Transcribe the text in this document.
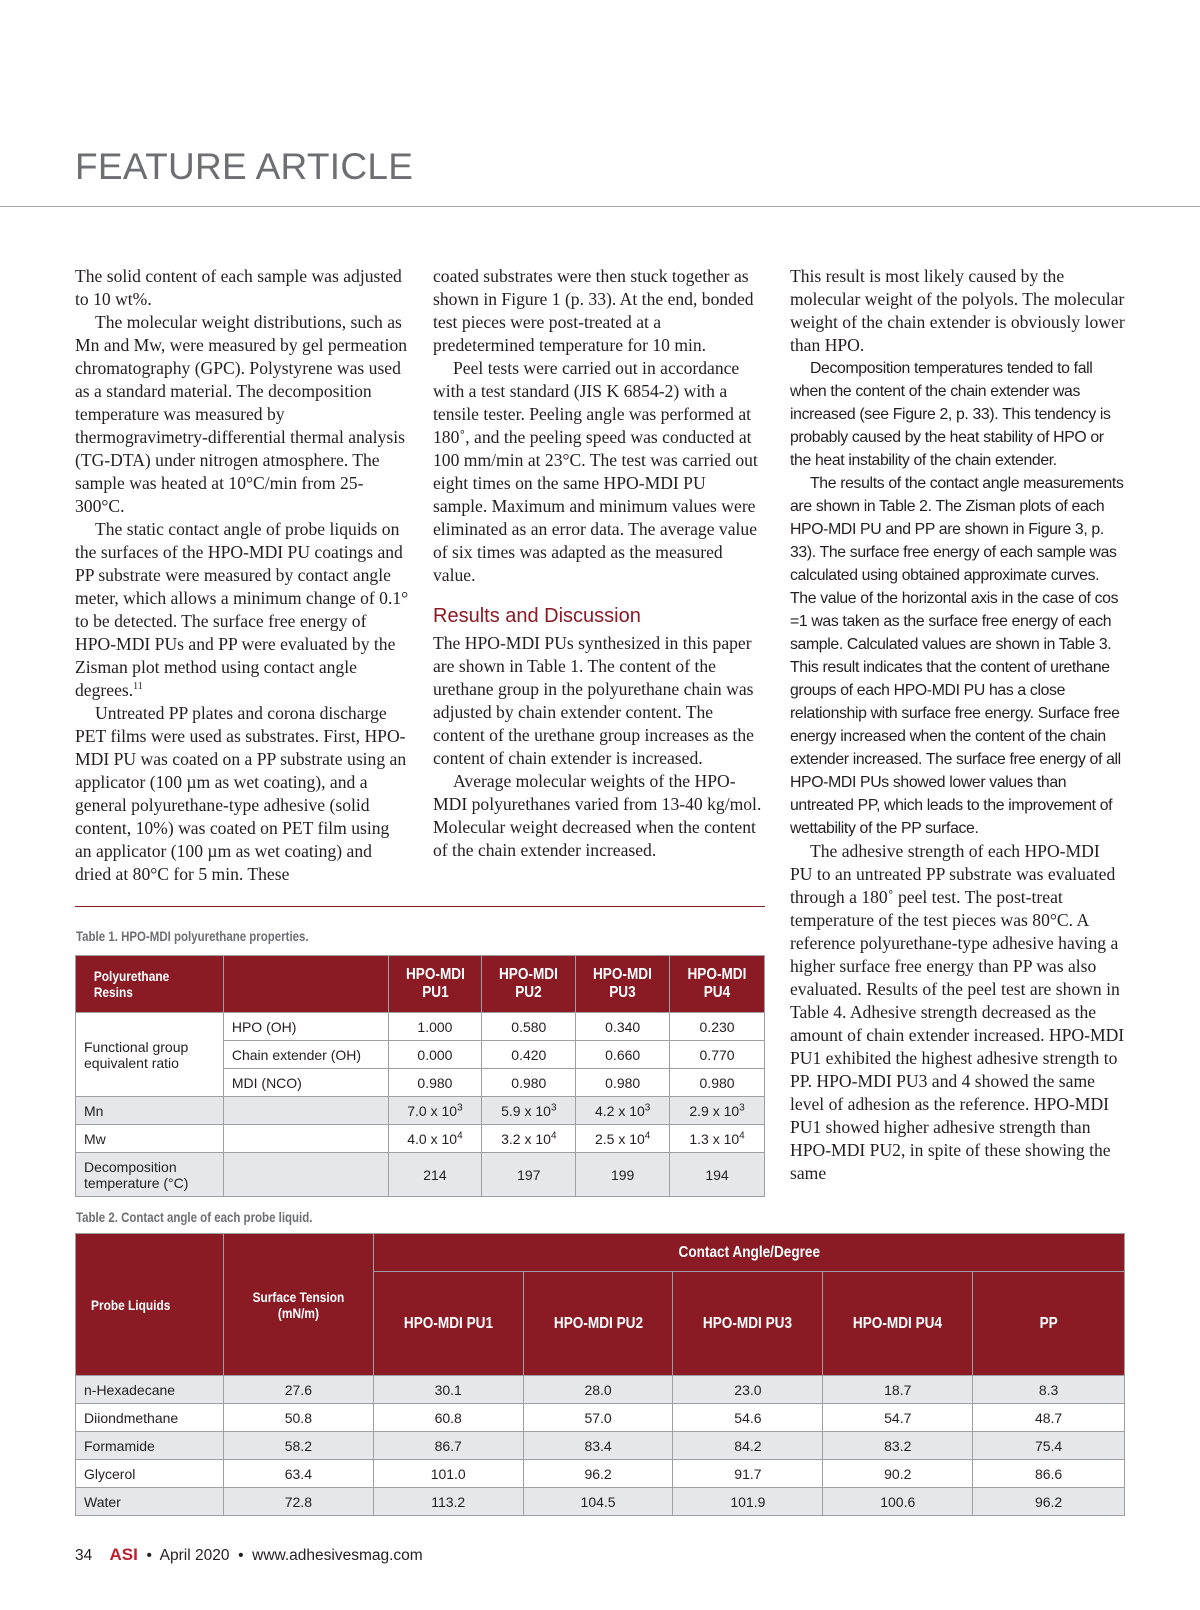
FEATURE ARTICLE

The solid content of each sample was adjusted to 10 wt%.

The molecular weight distributions, such as Mn and Mw, were measured by gel permeation chromatography (GPC). Polystyrene was used as a standard material. The decomposition temperature was measured by thermogravimetry-differential thermal analysis (TG-DTA) under nitrogen atmosphere. The sample was heated at 10°C/min from 25-300°C.

The static contact angle of probe liquids on the surfaces of the HPO-MDI PU coatings and PP substrate were measured by contact angle meter, which allows a minimum change of 0.1° to be detected. The surface free energy of HPO-MDI PUs and PP were evaluated by the Zisman plot method using contact angle degrees.$^{11}$

Untreated PP plates and corona discharge PET films were used as substrates. First, HPO-MDI PU was coated on a PP substrate using an applicator (100 µm as wet coating), and a general polyurethane-type adhesive (solid content, 10%) was coated on PET film using an applicator (100 µm as wet coating) and dried at 80°C for 5 min. These

coated substrates were then stuck together as shown in Figure 1 (p. 33). At the end, bonded test pieces were post-treated at a predetermined temperature for 10 min.

Peel tests were carried out in accordance with a test standard (JIS K 6854-2) with a tensile tester. Peeling angle was performed at 180˚, and the peeling speed was conducted at 100 mm/min at 23°C. The test was carried out eight times on the same HPO-MDI PU sample. Maximum and minimum values were eliminated as an error data. The average value of six times was adapted as the measured value.

Results and Discussion

The HPO-MDI PUs synthesized in this paper are shown in Table 1. The content of the urethane group in the polyurethane chain was adjusted by chain extender content. The content of the urethane group increases as the content of chain extender is increased.

Average molecular weights of the HPO-MDI polyurethanes varied from 13-40 kg/mol. Molecular weight decreased when the content of the chain extender increased.

This result is most likely caused by the molecular weight of the polyols. The molecular weight of the chain extender is obviously lower than HPO.

Decomposition temperatures tended to fall when the content of the chain extender was increased (see Figure 2, p. 33). This tendency is probably caused by the heat stability of HPO or the heat instability of the chain extender.

The results of the contact angle measurements are shown in Table 2. The Zisman plots of each HPO-MDI PU and PP are shown in Figure 3, p. 33). The surface free energy of each sample was calculated using obtained approximate curves. The value of the horizontal axis in the case of cos =1 was taken as the surface free energy of each sample. Calculated values are shown in Table 3. This result indicates that the content of urethane groups of each HPO-MDI PU has a close relationship with surface free energy. Surface free energy increased when the content of the chain extender increased. The surface free energy of all HPO-MDI PUs showed lower values than untreated PP, which leads to the improvement of wettability of the PP surface.

The adhesive strength of each HPO-MDI PU to an untreated PP substrate was evaluated through a 180˚ peel test. The post-treat temperature of the test pieces was 80°C. A reference polyurethane-type adhesive having a higher surface free energy than PP was also evaluated. Results of the peel test are shown in Table 4. Adhesive strength decreased as the amount of chain extender increased. HPO-MDI PU1 exhibited the highest adhesive strength to PP. HPO-MDI PU3 and 4 showed the same level of adhesion as the reference. HPO-MDI PU1 showed higher adhesive strength than HPO-MDI PU2, in spite of these showing the same

Table 1. HPO-MDI polyurethane properties.
Polyurethane Resins		HPO-MDI PU1	HPO-MDI PU2	HPO-MDI PU3	HPO-MDI PU4
Functional group equivalent ratio	HPO (OH)	1.000	0.580	0.340	0.230
	Chain extender (OH)	0.000	0.420	0.660	0.770
	MDI (NCO)	0.980	0.980	0.980	0.980
Mn		7.0 x $10^3$	5.9 x $10^3$	4.2 x $10^3$	2.9 x $10^3$
Mw		4.0 x $10^4$	3.2 x $10^4$	2.5 x $10^4$	1.3 x $10^4$
Decomposition temperature (°C)		214	197	199	194
Table 2. Contact angle of each probe liquid.
Probe Liquids	Surface Tension (mN/m)	Contact Angle/Degree				
		HPO-MDI PU1	HPO-MDI PU2	HPO-MDI PU3	HPO-MDI PU4	PP
n-Hexadecane	27.6	30.1	28.0	23.0	18.7	8.3
Diiondmethane	50.8	60.8	57.0	54.6	54.7	48.7
Formamide	58.2	86.7	83.4	84.2	83.2	75.4
Glycerol	63.4	101.0	96.2	91.7	90.2	86.6
Water	72.8	113.2	104.5	101.9	100.6	96.2
34 ASI • April 2020 • www.adhesivesmag.com
